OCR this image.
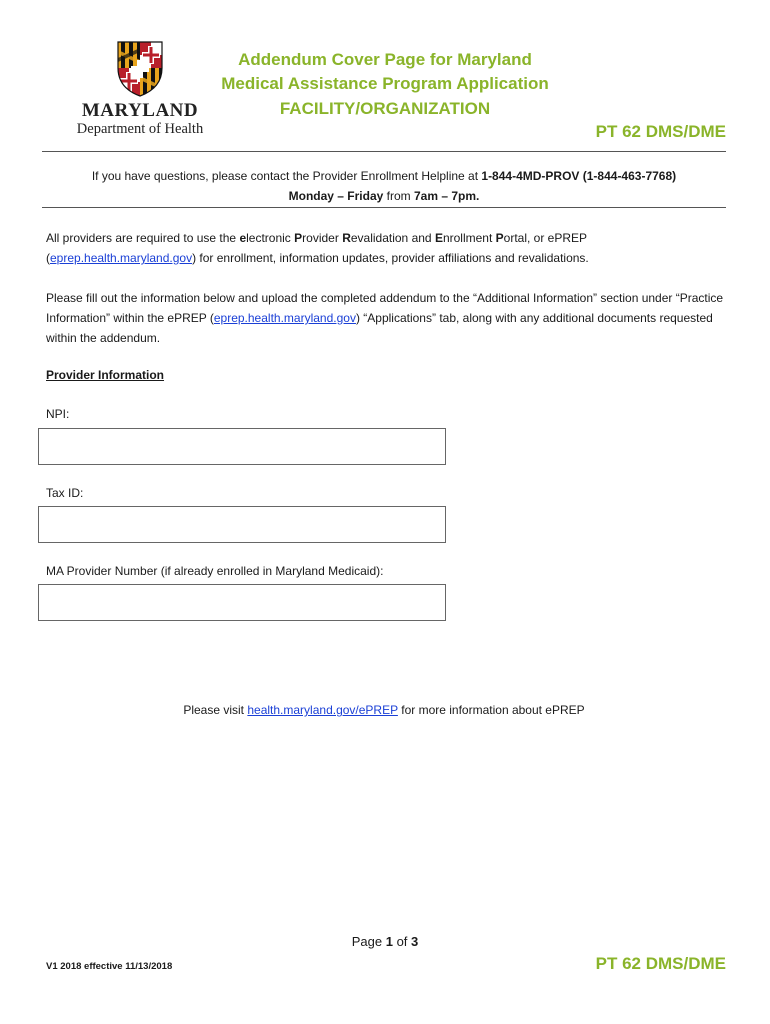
MARYLAND
Department of Health
Addendum Cover Page for Maryland
Medical Assistance Program Application
FACILITY/ORGANIZATION
PT 62 DMS/DME
If you have questions, please contact the Provider Enrollment Helpline at 1-844-4MD-PROV (1-844-463-7768)
Monday – Friday from 7am – 7pm.
All providers are required to use the electronic Provider Revalidation and Enrollment Portal, or ePREP
(eprep.health.maryland.gov) for enrollment, information updates, provider affiliations and revalidations.
Please fill out the information below and upload the completed addendum to the “Additional Information” section under “Practice Information” within the ePREP (eprep.health.maryland.gov) “Applications” tab, along with any additional documents requested within the addendum.
Provider Information
NPI:
Tax ID:
MA Provider Number (if already enrolled in Maryland Medicaid):
Please visit health.maryland.gov/ePREP for more information about ePREP
Page 1 of 3
V1 2018 effective 11/13/2018	PT 62 DMS/DME
